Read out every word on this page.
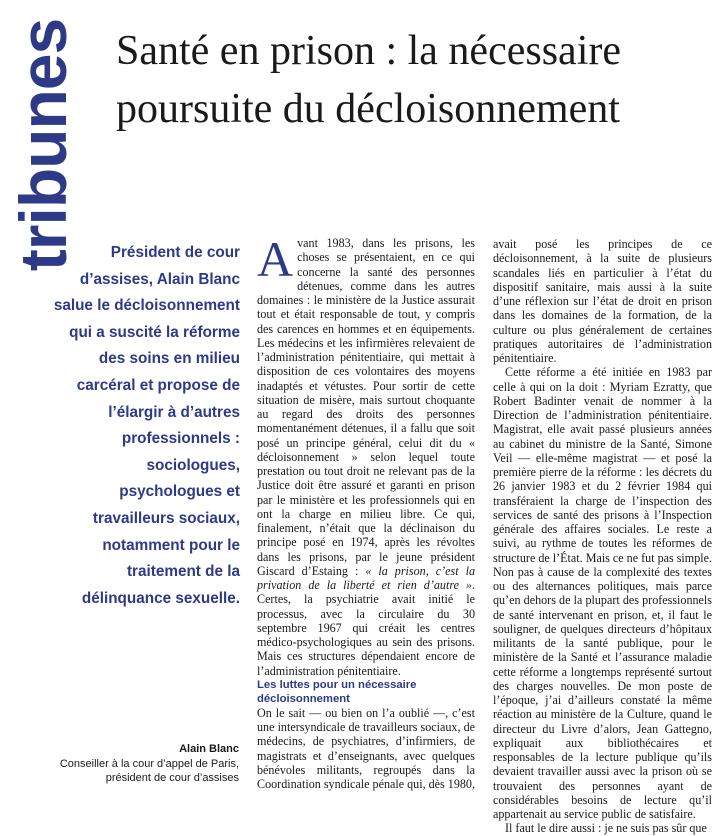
tribunes Santé en prison : la nécessaire poursuite du décloisonnement

Président de cour d’assises, Alain Blanc salue le décloisonnement qui a suscité la réforme des soins en milieu carcéral et propose de l’élargir à d’autres professionnels : sociologues, psychologues et travailleurs sociaux, notamment pour le traitement de la délinquance sexuelle.

Alain Blanc

Conseiller à la cour d’appel de Paris, président de cour d’assises

Avant 1983, dans les prisons, les choses se présentaient, en ce qui concerne la santé des personnes détenues, comme dans les autres domaines : le ministère de la Justice assurait tout et était responsable de tout, y compris des carences en hommes et en équipements. Les médecins et les infirmières relevaient de l’administration pénitentiaire, qui mettait à disposition de ces volontaires des moyens inadaptés et vétustes. Pour sortir de cette situation de misère, mais surtout choquante au regard des droits des personnes momentanément détenues, il a fallu que soit posé un principe général, celui dit du « décloisonnement » selon lequel toute prestation ou tout droit ne relevant pas de la Justice doit être assuré et garanti en prison par le ministère et les professionnels qui en ont la charge en milieu libre. Ce qui, finalement, n’était que la déclinaison du principe posé en 1974, après les révoltes dans les prisons, par le jeune président Giscard d’Estaing : « la prison, c’est la privation de la liberté et rien d’autre ». Certes, la psychiatrie avait initié le processus, avec la circulaire du 30 septembre 1967 qui créait les centres médico-psychologiques au sein des prisons. Mais ces structures dépendaient encore de l’administration pénitentiaire.

Les luttes pour un nécessaire décloisonnement

On le sait — ou bien on l’a oublié —, c’est une intersyndicale de travailleurs sociaux, de médecins, de psychiatres, d’infirmiers, de magistrats et d’enseignants, avec quelques bénévoles militants, regroupés dans la Coordination syndicale pénale qui, dès 1980,

avait posé les principes de ce décloisonnement, à la suite de plusieurs scandales liés en particulier à l’état du dispositif sanitaire, mais aussi à la suite d’une réflexion sur l’état de droit en prison dans les domaines de la formation, de la culture ou plus généralement de certaines pratiques autoritaires de l’administration pénitentiaire.

Cette réforme a été initiée en 1983 par celle à qui on la doit : Myriam Ezratty, que Robert Badinter venait de nommer à la Direction de l’administration pénitentiaire. Magistrat, elle avait passé plusieurs années au cabinet du ministre de la Santé, Simone Veil — elle-même magistrat — et posé la première pierre de la réforme : les décrets du 26 janvier 1983 et du 2 février 1984 qui transféraient la charge de l’inspection des services de santé des prisons à l’Inspection générale des affaires sociales. Le reste a suivi, au rythme de toutes les réformes de structure de l’État. Mais ce ne fut pas simple. Non pas à cause de la complexité des textes ou des alternances politiques, mais parce qu’en dehors de la plupart des professionnels de santé intervenant en prison, et, il faut le souligner, de quelques directeurs d’hôpitaux militants de la santé publique, pour le ministère de la Santé et l’assurance maladie cette réforme a longtemps représenté surtout des charges nouvelles. De mon poste de l’époque, j’ai d’ailleurs constaté la même réaction au ministère de la Culture, quand le directeur du Livre d’alors, Jean Gattegno, expliquait aux bibliothécaires et responsables de la lecture publique qu’ils devaient travailler aussi avec la prison où se trouvaient des personnes ayant de considérables besoins de lecture qu’il appartenait au service public de satisfaire.

Il faut le dire aussi : je ne suis pas sûr que
